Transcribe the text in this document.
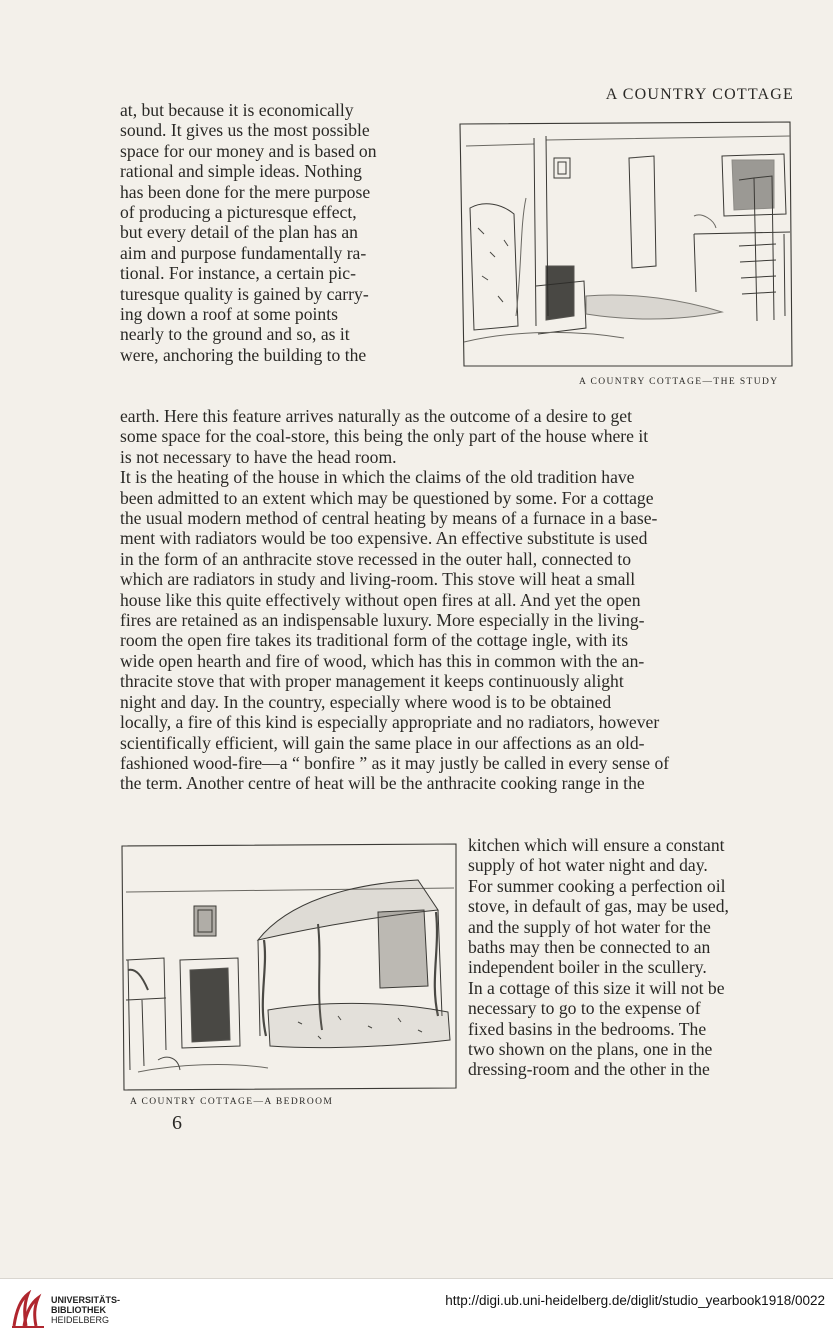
A COUNTRY COTTAGE
A COUNTRY COTTAGE—THE STUDY

at, but because it is economically

sound. It gives us the most possible

space for our money and is based on

rational and simple ideas. Nothing

has been done for the mere purpose

of producing a picturesque effect,

but every detail of the plan has an

aim and purpose fundamentally ra-

tional. For instance, a certain pic-

turesque quality is gained by carry-

ing down a roof at some points

nearly to the ground and so, as it

were, anchoring the building to the

earth. Here this feature arrives naturally as the outcome of a desire to get

some space for the coal-store, this being the only part of the house where it

is not necessary to have the head room.

It is the heating of the house in which the claims of the old tradition have

been admitted to an extent which may be questioned by some. For a cottage

the usual modern method of central heating by means of a furnace in a base-

ment with radiators would be too expensive. An effective substitute is used

in the form of an anthracite stove recessed in the outer hall, connected to

which are radiators in study and living-room. This stove will heat a small

house like this quite effectively without open fires at all. And yet the open

fires are retained as an indispensable luxury. More especially in the living-

room the open fire takes its traditional form of the cottage ingle, with its

wide open hearth and fire of wood, which has this in common with the an-

thracite stove that with proper management it keeps continuously alight

night and day. In the country, especially where wood is to be obtained

locally, a fire of this kind is especially appropriate and no radiators, however

scientifically efficient, will gain the same place in our affections as an old-

fashioned wood-fire—a “ bonfire ” as it may justly be called in every sense of

the term. Another centre of heat will be the anthracite cooking range in the

A COUNTRY COTTAGE—A BEDROOM

kitchen which will ensure a constant

supply of hot water night and day.

For summer cooking a perfection oil

stove, in default of gas, may be used,

and the supply of hot water for the

baths may then be connected to an

independent boiler in the scullery.

In a cottage of this size it will not be

necessary to go to the expense of

fixed basins in the bedrooms. The

two shown on the plans, one in the

dressing-room and the other in the

6
UNIVERSITÄTS-
BIBLIOTHEK
HEIDELBERG
http://digi.ub.uni-heidelberg.de/diglit/studio_yearbook1918/0022
